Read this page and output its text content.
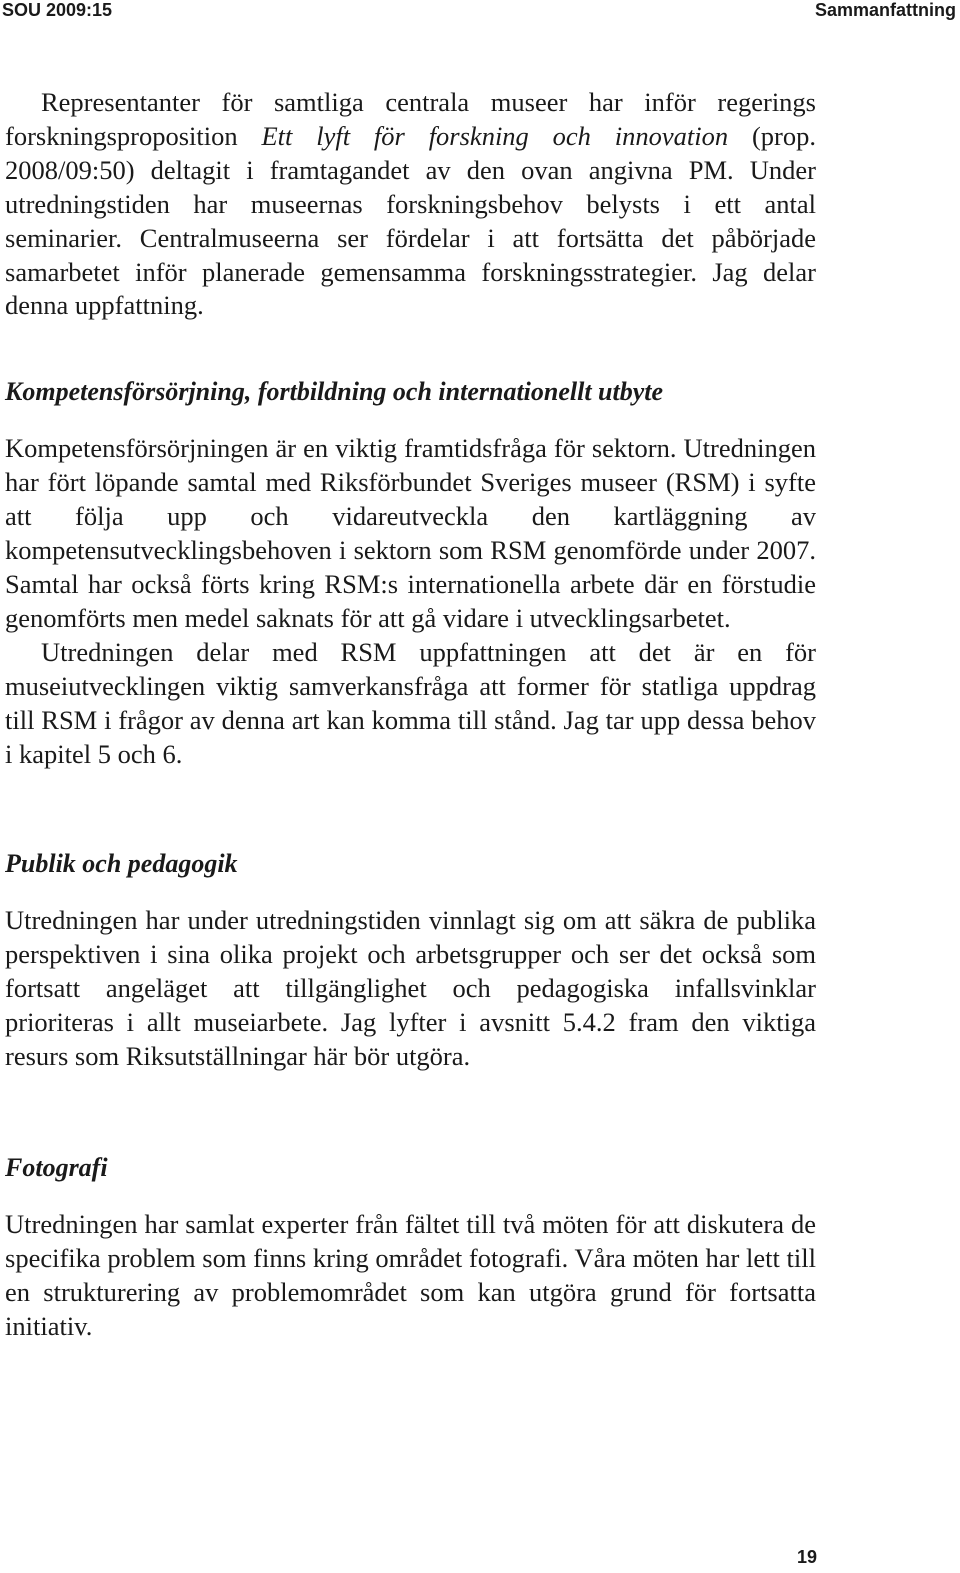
SOU 2009:15	Sammanfattning

Representanter för samtliga centrala museer har inför regerings forskningsproposition Ett lyft för forskning och innovation (prop. 2008/09:50) deltagit i framtagandet av den ovan angivna PM. Under utredningstiden har museernas forskningsbehov belysts i ett antal seminarier. Centralmuseerna ser fördelar i att fortsätta det påbörjade samarbetet inför planerade gemensamma forskningsstrategier. Jag delar denna uppfattning.

Kompetensförsörjning, fortbildning och internationellt utbyte

Kompetensförsörjningen är en viktig framtidsfråga för sektorn. Utredningen har fört löpande samtal med Riksförbundet Sveriges museer (RSM) i syfte att följa upp och vidareutveckla den kartläggning av kompetensutvecklingsbehoven i sektorn som RSM genomförde under 2007. Samtal har också förts kring RSM:s internationella arbete där en förstudie genomförts men medel saknats för att gå vidare i utvecklingsarbetet.

Utredningen delar med RSM uppfattningen att det är en för museiutvecklingen viktig samverkansfråga att former för statliga uppdrag till RSM i frågor av denna art kan komma till stånd. Jag tar upp dessa behov i kapitel 5 och 6.

Publik och pedagogik

Utredningen har under utredningstiden vinnlagt sig om att säkra de publika perspektiven i sina olika projekt och arbetsgrupper och ser det också som fortsatt angeläget att tillgänglighet och pedagogiska infallsvinklar prioriteras i allt museiarbete. Jag lyfter i avsnitt 5.4.2 fram den viktiga resurs som Riksutställningar här bör utgöra.

Fotografi

Utredningen har samlat experter från fältet till två möten för att diskutera de specifika problem som finns kring området fotografi. Våra möten har lett till en strukturering av problemområdet som kan utgöra grund för fortsatta initiativ.

19
